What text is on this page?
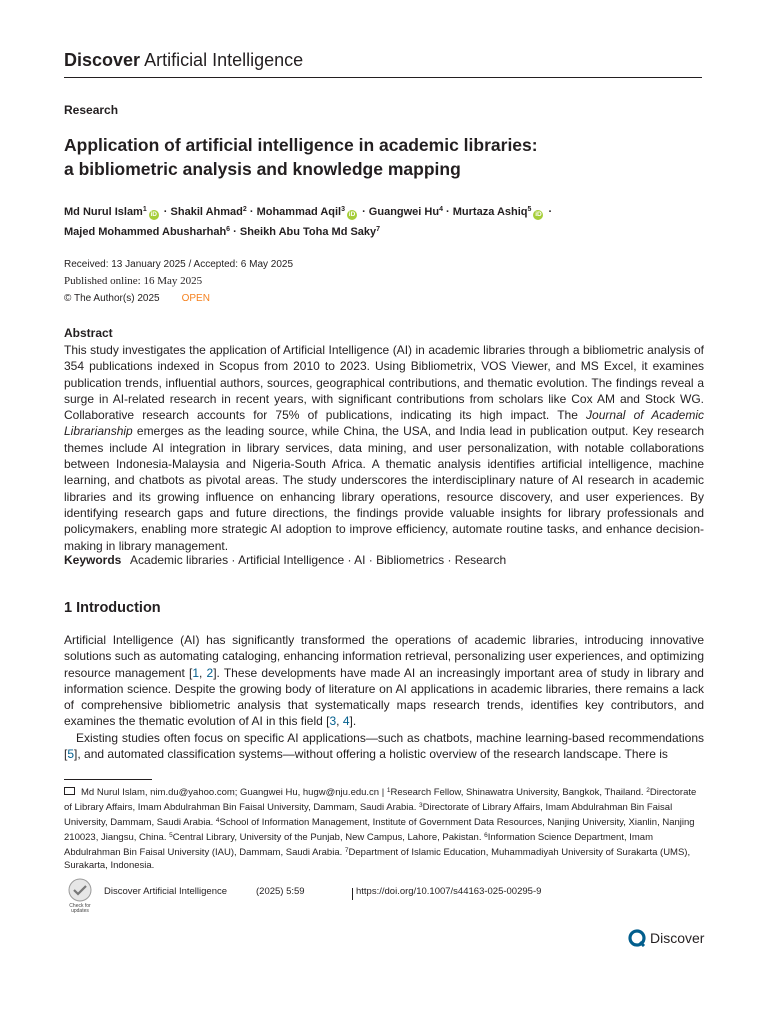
Discover Artificial Intelligence
Research
Application of artificial intelligence in academic libraries:
a bibliometric analysis and knowledge mapping
Md Nurul Islam$^1$iD · Shakil Ahmad$^2$ · Mohammad Aqil$^3$iD · Guangwei $Hu^4$ · Murtaza Ashiq$^5$iD ·
Majed Mohammed Abusharhah$^6$ · Sheikh Abu Toha Md Saky$^7$
Received: 13 January 2025 / Accepted: 6 May 2025
Published online: 16 May 2025
© The Author(s) 2025 OPEN
Abstract
This study investigates the application of Artificial Intelligence (AI) in academic libraries through a bibliometric analysis of 354 publications indexed in Scopus from 2010 to 2023. Using Bibliometrix, VOS Viewer, and MS Excel, it examines publication trends, influential authors, sources, geographical contributions, and thematic evolution. The findings reveal a surge in AI-related research in recent years, with significant contributions from scholars like Cox AM and Stock WG. Collaborative research accounts for 75% of publications, indicating its high impact. The Journal of Academic Librarianship emerges as the leading source, while China, the USA, and India lead in publication output. Key research themes include AI integration in library services, data mining, and user personalization, with notable collaborations between Indonesia-Malaysia and Nigeria-South Africa. A thematic analysis identifies artificial intelligence, machine learning, and chatbots as pivotal areas. The study underscores the interdisciplinary nature of AI research in academic libraries and its growing influence on enhancing library operations, resource discovery, and user experiences. By identifying research gaps and future directions, the findings provide valuable insights for library professionals and policymakers, enabling more strategic AI adoption to improve efficiency, automate routine tasks, and enhance decision-making in library management.
Keywords Academic libraries · Artificial Intelligence · AI · Bibliometrics · Research
1 Introduction

Artificial Intelligence (AI) has significantly transformed the operations of academic libraries, introducing innovative solutions such as automating cataloging, enhancing information retrieval, personalizing user experiences, and optimizing resource management [1, 2]. These developments have made AI an increasingly important area of study in library and information science. Despite the growing body of literature on AI applications in academic libraries, there remains a lack of comprehensive bibliometric analysis that systematically maps research trends, identifies key contributors, and examines the thematic evolution of AI in this field [3, 4].

Existing studies often focus on specific AI applications—such as chatbots, machine learning-based recommendations [5], and automated classification systems—without offering a holistic overview of the research landscape. There is

Md Nurul Islam, nim.du@yahoo.com; Guangwei Hu, hugw@nju.edu.cn | $^1$Research Fellow, Shinawatra University, Bangkok, Thailand. $^2$Directorate of Library Affairs, Imam Abdulrahman Bin Faisal University, Dammam, Saudi Arabia. $^3$Directorate of Library Affairs, Imam Abdulrahman Bin Faisal University, Dammam, Saudi Arabia. $^4$School of Information Management, Institute of Government Data Resources, Nanjing University, Xianlin, Nanjing 210023, Jiangsu, China. $^5$Central Library, University of the Punjab, New Campus, Lahore, Pakistan. $^6$Information Science Department, Imam Abdulrahman Bin Faisal University (IAU), Dammam, Saudi Arabia. $^7$Department of Islamic Education, Muhammadiyah University of Surakarta (UMS), Surakarta, Indonesia.
Check for
updates
Discover Artificial Intelligence	(2025) 5:59	https://doi.org/10.1007/s44163-025-00295-9
Discover
